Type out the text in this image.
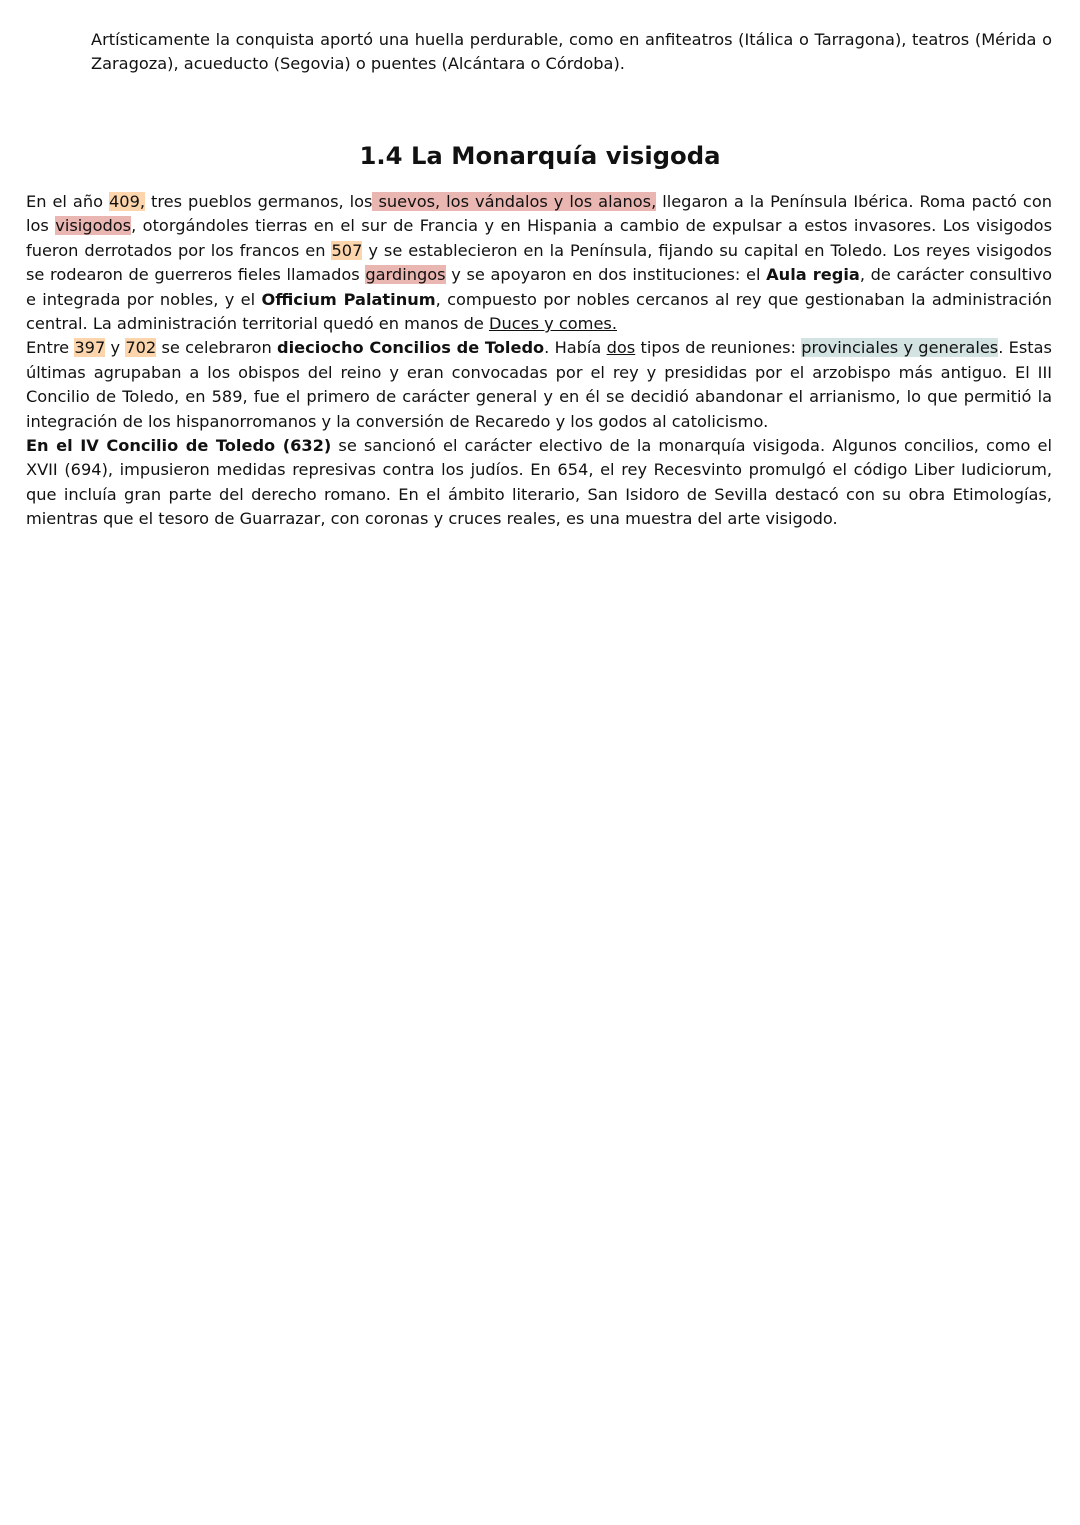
Artísticamente la conquista aportó una huella perdurable, como en anfiteatros (Itálica o Tarragona), teatros (Mérida o Zaragoza), acueducto (Segovia) o puentes (Alcántara o Córdoba).

1.4 La Monarquía visigoda

En el año 409, tres pueblos germanos, los suevos, los vándalos y los alanos, llegaron a la Península Ibérica. Roma pactó con los visigodos, otorgándoles tierras en el sur de Francia y en Hispania a cambio de expulsar a estos invasores. Los visigodos fueron derrotados por los francos en 507 y se establecieron en la Península, fijando su capital en Toledo. Los reyes visigodos se rodearon de guerreros fieles llamados gardingos y se apoyaron en dos instituciones: el Aula regia, de carácter consultivo e integrada por nobles, y el Officium Palatinum, compuesto por nobles cercanos al rey que gestionaban la administración central. La administración territorial quedó en manos de Duces y comes.

Entre 397 y 702 se celebraron dieciocho Concilios de Toledo. Había dos tipos de reuniones: provinciales y generales. Estas últimas agrupaban a los obispos del reino y eran convocadas por el rey y presididas por el arzobispo más antiguo. El III Concilio de Toledo, en 589, fue el primero de carácter general y en él se decidió abandonar el arrianismo, lo que permitió la integración de los hispanorromanos y la conversión de Recaredo y los godos al catolicismo.

En el IV Concilio de Toledo (632) se sancionó el carácter electivo de la monarquía visigoda. Algunos concilios, como el XVII (694), impusieron medidas represivas contra los judíos. En 654, el rey Recesvinto promulgó el código Liber Iudiciorum, que incluía gran parte del derecho romano. En el ámbito literario, San Isidoro de Sevilla destacó con su obra Etimologías, mientras que el tesoro de Guarrazar, con coronas y cruces reales, es una muestra del arte visigodo.
